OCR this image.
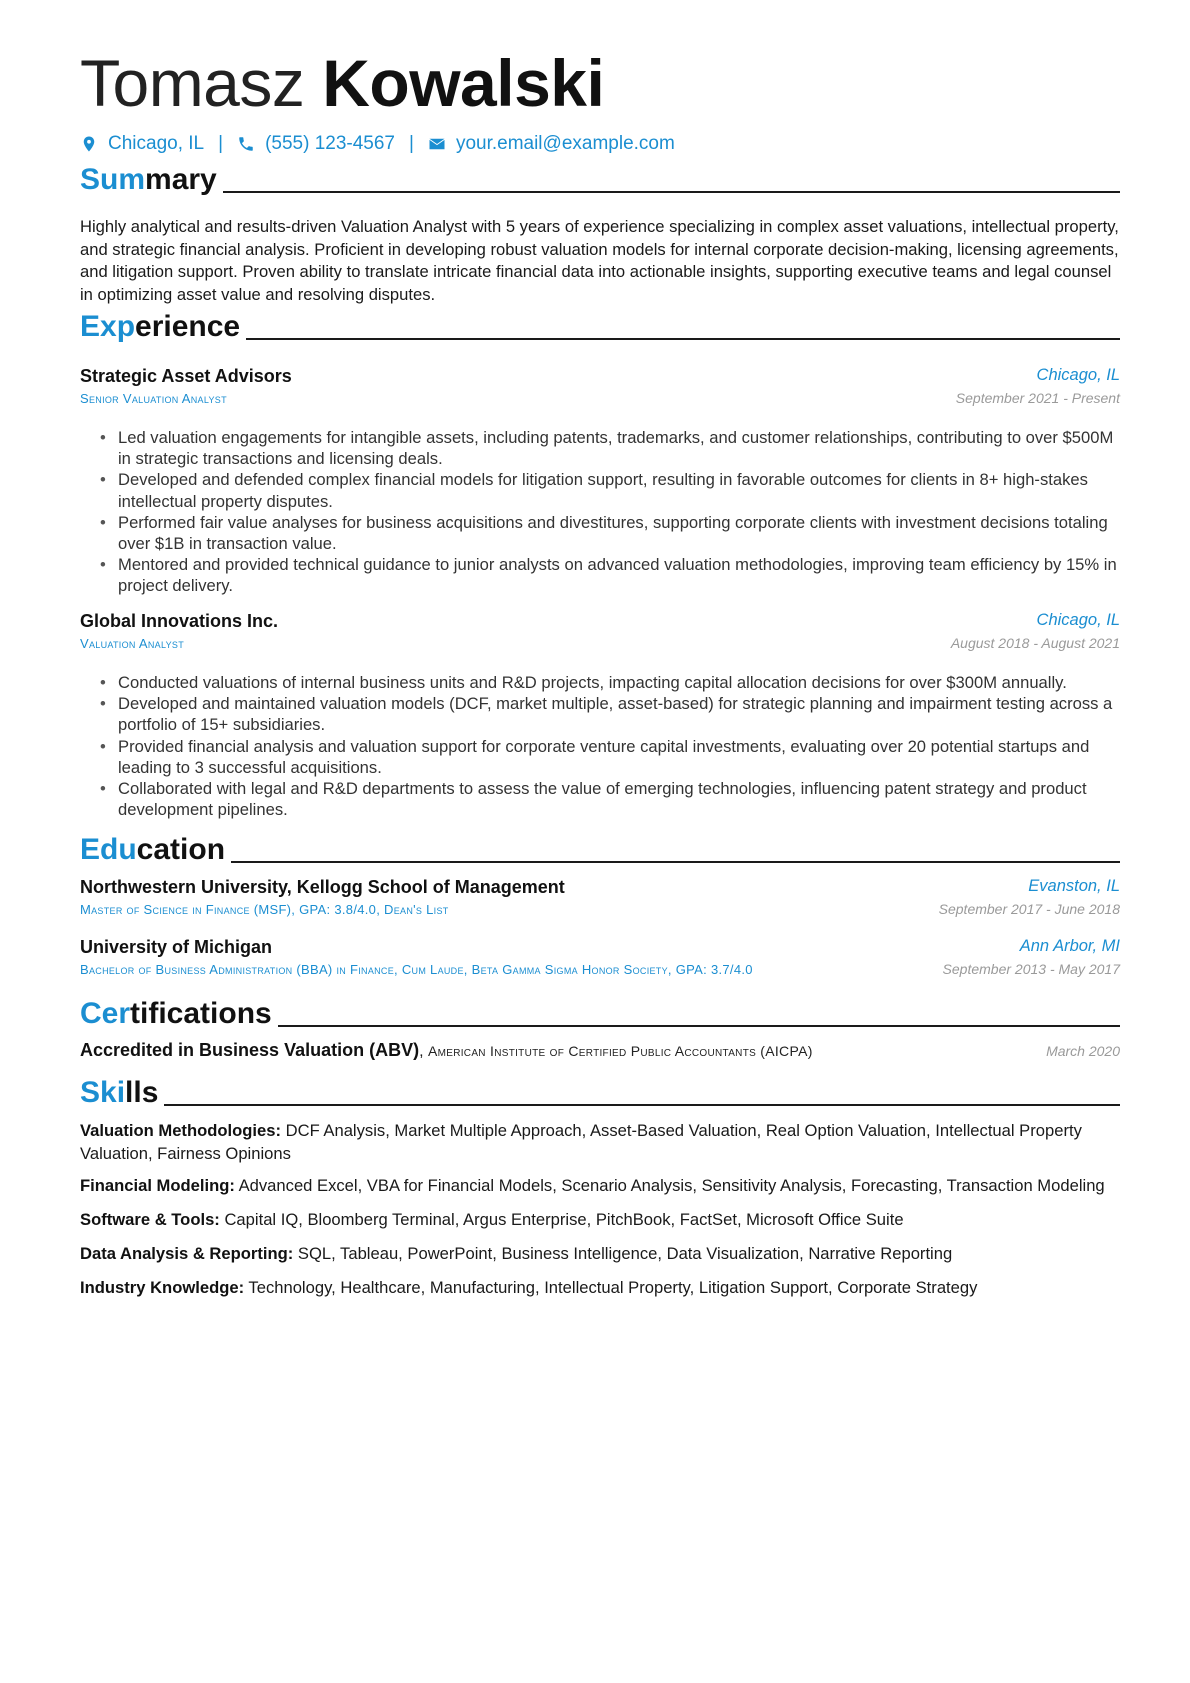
Tomasz Kowalski
Chicago, IL | (555) 123-4567 | your.email@example.com
Summary
Highly analytical and results-driven Valuation Analyst with 5 years of experience specializing in complex asset valuations, intellectual property, and strategic financial analysis. Proficient in developing robust valuation models for internal corporate decision-making, licensing agreements, and litigation support. Proven ability to translate intricate financial data into actionable insights, supporting executive teams and legal counsel in optimizing asset value and resolving disputes.
Experience
Strategic Asset Advisors	Chicago, IL
Senior Valuation Analyst	September 2021 - Present
• Led valuation engagements for intangible assets, including patents, trademarks, and customer relationships, contributing to over $500M in strategic transactions and licensing deals.
• Developed and defended complex financial models for litigation support, resulting in favorable outcomes for clients in 8+ high-stakes intellectual property disputes.
• Performed fair value analyses for business acquisitions and divestitures, supporting corporate clients with investment decisions totaling over $1B in transaction value.
• Mentored and provided technical guidance to junior analysts on advanced valuation methodologies, improving team efficiency by 15% in project delivery.
Global Innovations Inc.	Chicago, IL
Valuation Analyst	August 2018 - August 2021
• Conducted valuations of internal business units and R&D projects, impacting capital allocation decisions for over $300M annually.
• Developed and maintained valuation models (DCF, market multiple, asset-based) for strategic planning and impairment testing across a portfolio of 15+ subsidiaries.
• Provided financial analysis and valuation support for corporate venture capital investments, evaluating over 20 potential startups and leading to 3 successful acquisitions.
• Collaborated with legal and R&D departments to assess the value of emerging technologies, influencing patent strategy and product development pipelines.
Education
Northwestern University, Kellogg School of Management	Evanston, IL
Master of Science in Finance (MSF), GPA: 3.8/4.0, Dean's List	September 2017 - June 2018
University of Michigan	Ann Arbor, MI
Bachelor of Business Administration (BBA) in Finance, Cum Laude, Beta Gamma Sigma Honor Society, GPA: 3.7/4.0	September 2013 - May 2017
Certifications
Accredited in Business Valuation (ABV), American Institute of Certified Public Accountants (AICPA)	March 2020
Skills
Valuation Methodologies: DCF Analysis, Market Multiple Approach, Asset-Based Valuation, Real Option Valuation, Intellectual Property Valuation, Fairness Opinions
Financial Modeling: Advanced Excel, VBA for Financial Models, Scenario Analysis, Sensitivity Analysis, Forecasting, Transaction Modeling
Software & Tools: Capital IQ, Bloomberg Terminal, Argus Enterprise, PitchBook, FactSet, Microsoft Office Suite
Data Analysis & Reporting: SQL, Tableau, PowerPoint, Business Intelligence, Data Visualization, Narrative Reporting
Industry Knowledge: Technology, Healthcare, Manufacturing, Intellectual Property, Litigation Support, Corporate Strategy
